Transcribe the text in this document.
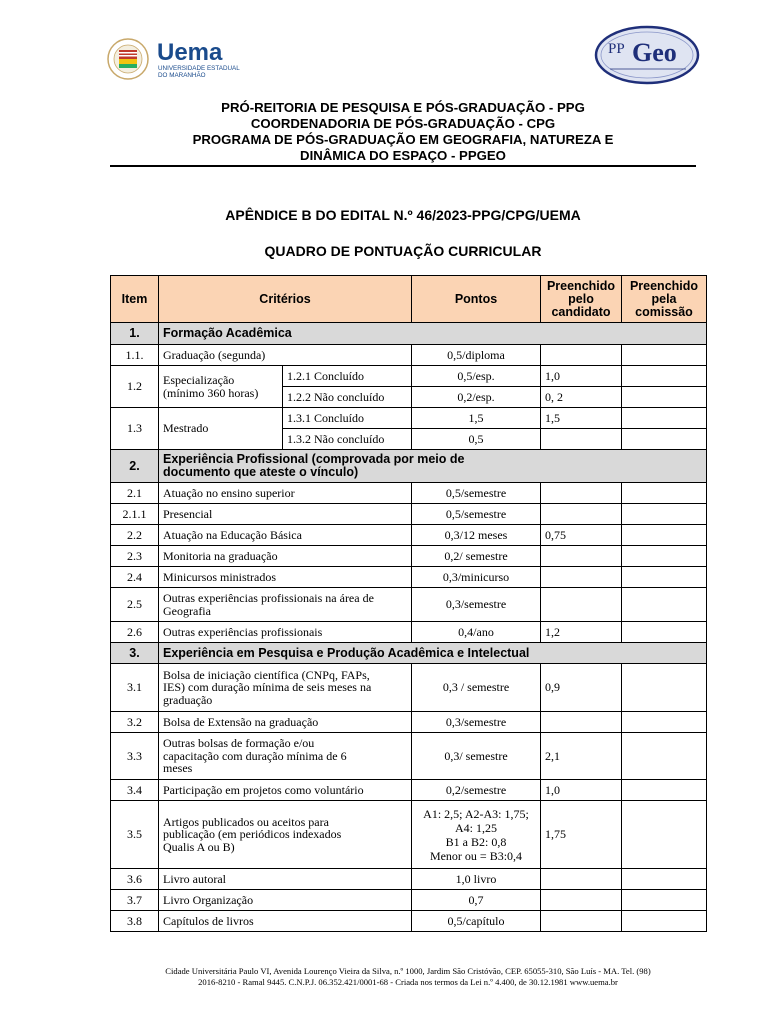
Uema
UNIVERSIDADE ESTADUAL
DO MARANHÃO
PP Geo
PRÓ-REITORIA DE PESQUISA E PÓS-GRADUAÇÃO - PPG
COORDENADORIA DE PÓS-GRADUAÇÃO - CPG
PROGRAMA DE PÓS-GRADUAÇÃO EM GEOGRAFIA, NATUREZA E
DINÂMICA DO ESPAÇO - PPGEO
APÊNDICE B DO EDITAL N.º 46/2023-PPG/CPG/UEMA
QUADRO DE PONTUAÇÃO CURRICULAR
Item	Critérios		Pontos	Preenchido
pelo
candidato	Preenchido
pela
comissão
1.	Formação Acadêmica				
1.1.	Graduação (segunda)		0,5/diploma		
1.2	Especialização
(mínimo 360 horas)	1.2.1 Concluído	0,5/esp.	1,0	
		1.2.2 Não concluído	0,2/esp.	0, 2	
1.3	Mestrado	1.3.1 Concluído	1,5	1,5	
		1.3.2 Não concluído	0,5		
2.	Experiência Profissional (comprovada por meio de
documento que ateste o vínculo)				
2.1	Atuação no ensino superior		0,5/semestre		
2.1.1	Presencial		0,5/semestre		
2.2	Atuação na Educação Básica		0,3/12 meses	0,75	
2.3	Monitoria na graduação		0,2/ semestre		
2.4	Minicursos ministrados		0,3/minicurso		
2.5	Outras experiências profissionais na área de
Geografia		0,3/semestre		
2.6	Outras experiências profissionais		0,4/ano	1,2	
3.	Experiência em Pesquisa e Produção Acadêmica e Intelectual				
3.1	Bolsa de iniciação científica (CNPq, FAPs,
IES) com duração mínima de seis meses na
graduação		0,3 / semestre	0,9	
3.2	Bolsa de Extensão na graduação		0,3/semestre		
3.3	Outras bolsas de formação e/ou
capacitação com duração mínima de 6
meses		0,3/ semestre	2,1	
3.4	Participação em projetos como voluntário		0,2/semestre	1,0	
3.5	Artigos publicados ou aceitos para
publicação (em periódicos indexados
Qualis A ou B)		A1: 2,5; A2-A3: 1,75;
A4: 1,25
B1 a B2: 0,8
Menor ou = B3:0,4	1,75	
3.6	Livro autoral		1,0 livro		
3.7	Livro Organização		0,7		
3.8	Capítulos de livros		0,5/capítulo		
Cidade Universitária Paulo VI, Avenida Lourenço Vieira da Silva, n.º 1000, Jardim São Cristóvão, CEP. 65055-310, São Luís - MA. Tel. (98)
2016-8210 - Ramal 9445. C.N.P.J. 06.352.421/0001-68 - Criada nos termos da Lei n.º 4.400, de 30.12.1981 www.uema.br
